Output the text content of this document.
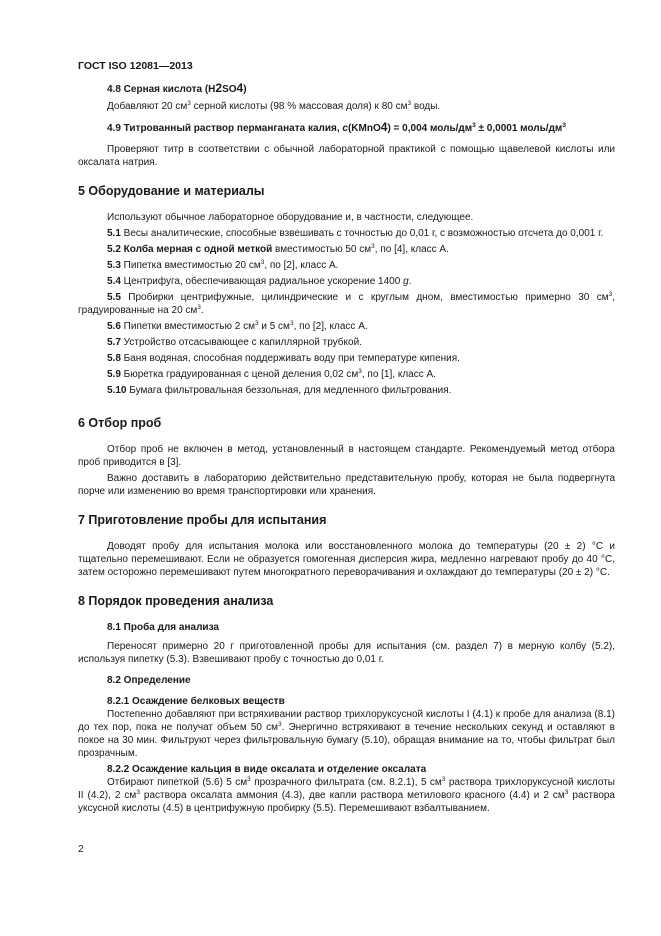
ГОСТ ISO 12081—2013

4.8 Серная кислота (H2SO4)

Добавляют 20 $см^3$ серной кислоты (98 % массовая доля) к 80 $см^3$ воды.

4.9 Титрованный раствор перманганата калия, c(KMnO4) = 0,004 моль/$дм^3 \pm 0,0001$ моль/$дм^3$

Проверяют титр в соответствии с обычной лабораторной практикой с помощью щавелевой кислоты или оксалата натрия.

5 Оборудование и материалы

Используют обычное лабораторное оборудование и, в частности, следующее.

5.1 Весы аналитические, способные взвешивать с точностью до 0,01 г, с возможностью отсчета до 0,001 г.

5.2 Колба мерная с одной меткой вместимостью 50 $см^3$, по [4], класс А.

5.3 Пипетка вместимостью 20 $см^3$, по [2], класс А.

5.4 Центрифуга, обеспечивающая радиальное ускорение 1400 g.

5.5 Пробирки центрифужные, цилиндрические и с круглым дном, вместимостью примерно 30 $см^3$, градуированные на 20 $см^3$.

5.6 Пипетки вместимостью 2 $см^3$ и 5 $см^3$, по [2], класс А.

5.7 Устройство отсасывающее с капиллярной трубкой.

5.8 Баня водяная, способная поддерживать воду при температуре кипения.

5.9 Бюретка градуированная с ценой деления 0,02 $см^3$, по [1], класс А.

5.10 Бумага фильтровальная беззольная, для медленного фильтрования.

6 Отбор проб

Отбор проб не включен в метод, установленный в настоящем стандарте. Рекомендуемый метод отбора проб приводится в [3].

Важно доставить в лабораторию действительно представительную пробу, которая не была подвергнута порче или изменению во время транспортировки или хранения.

7 Приготовление пробы для испытания

Доводят пробу для испытания молока или восстановленного молока до температуры (20 ± 2) °С и тщательно перемешивают. Если не образуется гомогенная дисперсия жира, медленно нагревают пробу до 40 °С, затем осторожно перемешивают путем многократного переворачивания и охлаждают до температуры (20 ± 2) °С.

8 Порядок проведения анализа

8.1 Проба для анализа

Переносят примерно 20 г приготовленной пробы для испытания (см. раздел 7) в мерную колбу (5.2), используя пипетку (5.3). Взвешивают пробу с точностью до 0,01 г.

8.2 Определение

8.2.1 Осаждение белковых веществ

Постепенно добавляют при встряхивании раствор трихлоруксусной кислоты I (4.1) к пробе для анализа (8.1) до тех пор, пока не получат объем 50 $см^3$. Энергично встряхивают в течение нескольких секунд и оставляют в покое на 30 мин. Фильтруют через фильтровальную бумагу (5.10), обращая внимание на то, чтобы фильтрат был прозрачным.

8.2.2 Осаждение кальция в виде оксалата и отделение оксалата

Отбирают пипеткой (5.6) 5 $см^3$ прозрачного фильтрата (см. 8.2.1), 5 $см^3$ раствора трихлоруксусной кислоты II (4.2), 2 $см^3$ раствора оксалата аммония (4.3), две капли раствора метилового красного (4.4) и 2 $см^3$ раствора уксусной кислоты (4.5) в центрифужную пробирку (5.5). Перемешивают взбалтыванием.

2
